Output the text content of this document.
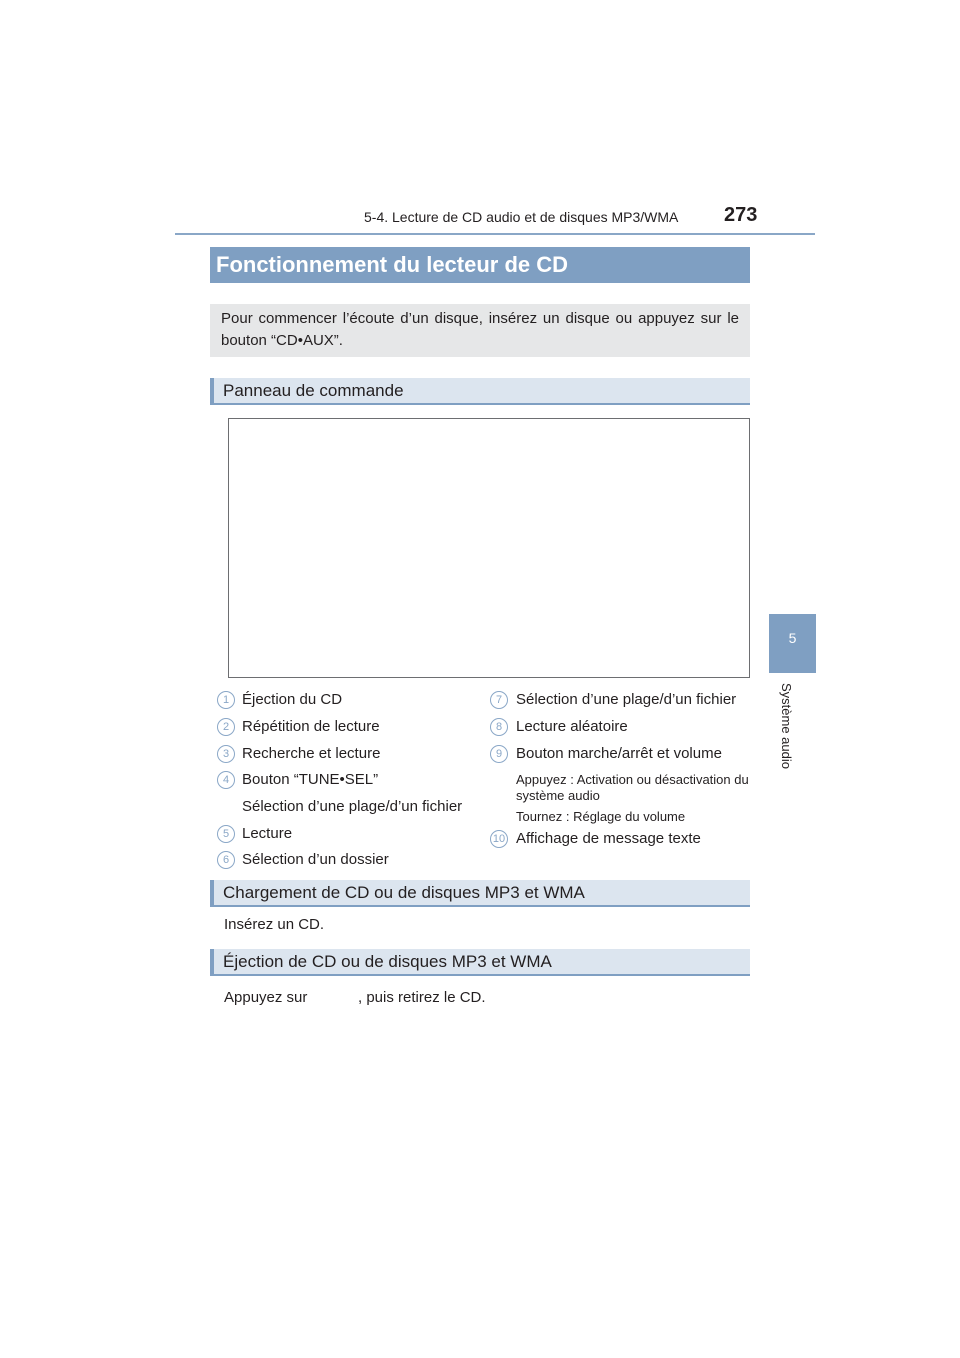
5-4. Lecture de CD audio et de disques MP3/WMA 273
5
Système audio
Fonctionnement du lecteur de CD
Pour commencer l’écoute d’un disque, insérez un disque ou appuyez sur le bouton “CD•AUX”.
Panneau de commande
1 Éjection du CD
2 Répétition de lecture
3 Recherche et lecture
4 Bouton “TUNE•SEL”
Sélection d’une plage/d’un fichier
5 Lecture
6 Sélection d’un dossier
7 Sélection d’une plage/d’un fichier
8 Lecture aléatoire
9 Bouton marche/arrêt et volume
Appuyez : Activation ou désactivation du système audio
Tournez : Réglage du volume
10 Affichage de message texte
Chargement de CD ou de disques MP3 et WMA
Insérez un CD.
Éjection de CD ou de disques MP3 et WMA
Appuyez sur	, puis retirez le CD.
